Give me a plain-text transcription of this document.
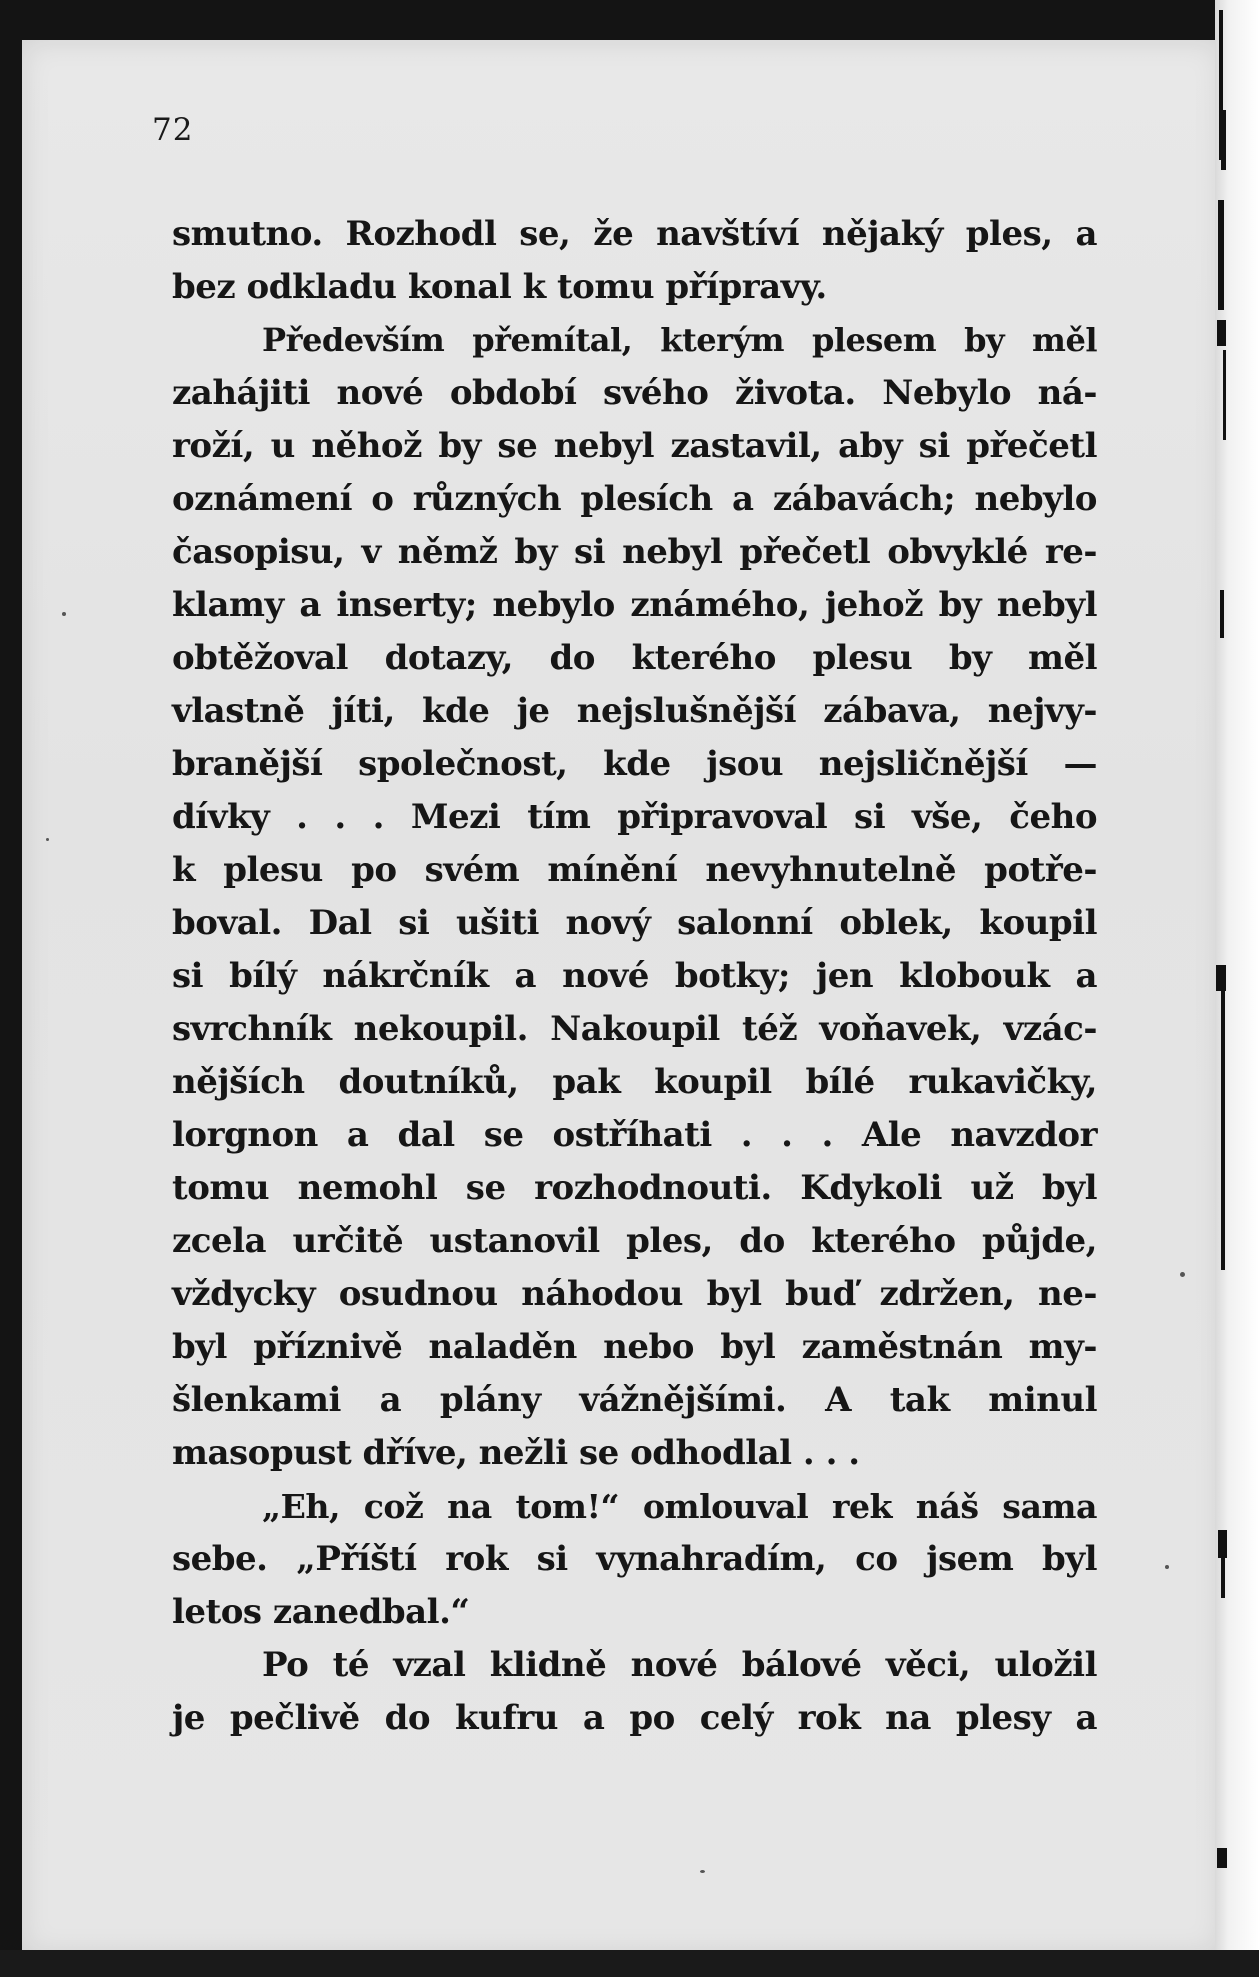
72
smutno. Rozhodl se, že navštíví nějaký ples, a
bez odkladu konal k tomu přípravy.
Především přemítal, kterým plesem by měl
zahájiti nové období svého života. Nebylo ná-
roží, u něhož by se nebyl zastavil, aby si přečetl
oznámení o různých plesích a zábavách; nebylo
časopisu, v němž by si nebyl přečetl obvyklé re-
klamy a inserty; nebylo známého, jehož by nebyl
obtěžoval dotazy, do kterého plesu by měl
vlastně jíti, kde je nejslušnější zábava, nejvy-
branější společnost, kde jsou nejsličnější —
dívky . . . Mezi tím připravoval si vše, čeho
k plesu po svém mínění nevyhnutelně potře-
boval. Dal si ušiti nový salonní oblek, koupil
si bílý nákrčník a nové botky; jen klobouk a
svrchník nekoupil. Nakoupil též voňavek, vzác-
nějších doutníků, pak koupil bílé rukavičky,
lorgnon a dal se ostříhati . . . Ale navzdor
tomu nemohl se rozhodnouti. Kdykoli už byl
zcela určitě ustanovil ples, do kterého půjde,
vždycky osudnou náhodou byl buď zdržen, ne-
byl příznivě naladěn nebo byl zaměstnán my-
šlenkami a plány vážnějšími. A tak minul
masopust dříve, nežli se odhodlal . . .
„Eh, což na tom!“ omlouval rek náš sama
sebe. „Příští rok si vynahradím, co jsem byl
letos zanedbal.“
Po té vzal klidně nové bálové věci, uložil
je pečlivě do kufru a po celý rok na plesy a
